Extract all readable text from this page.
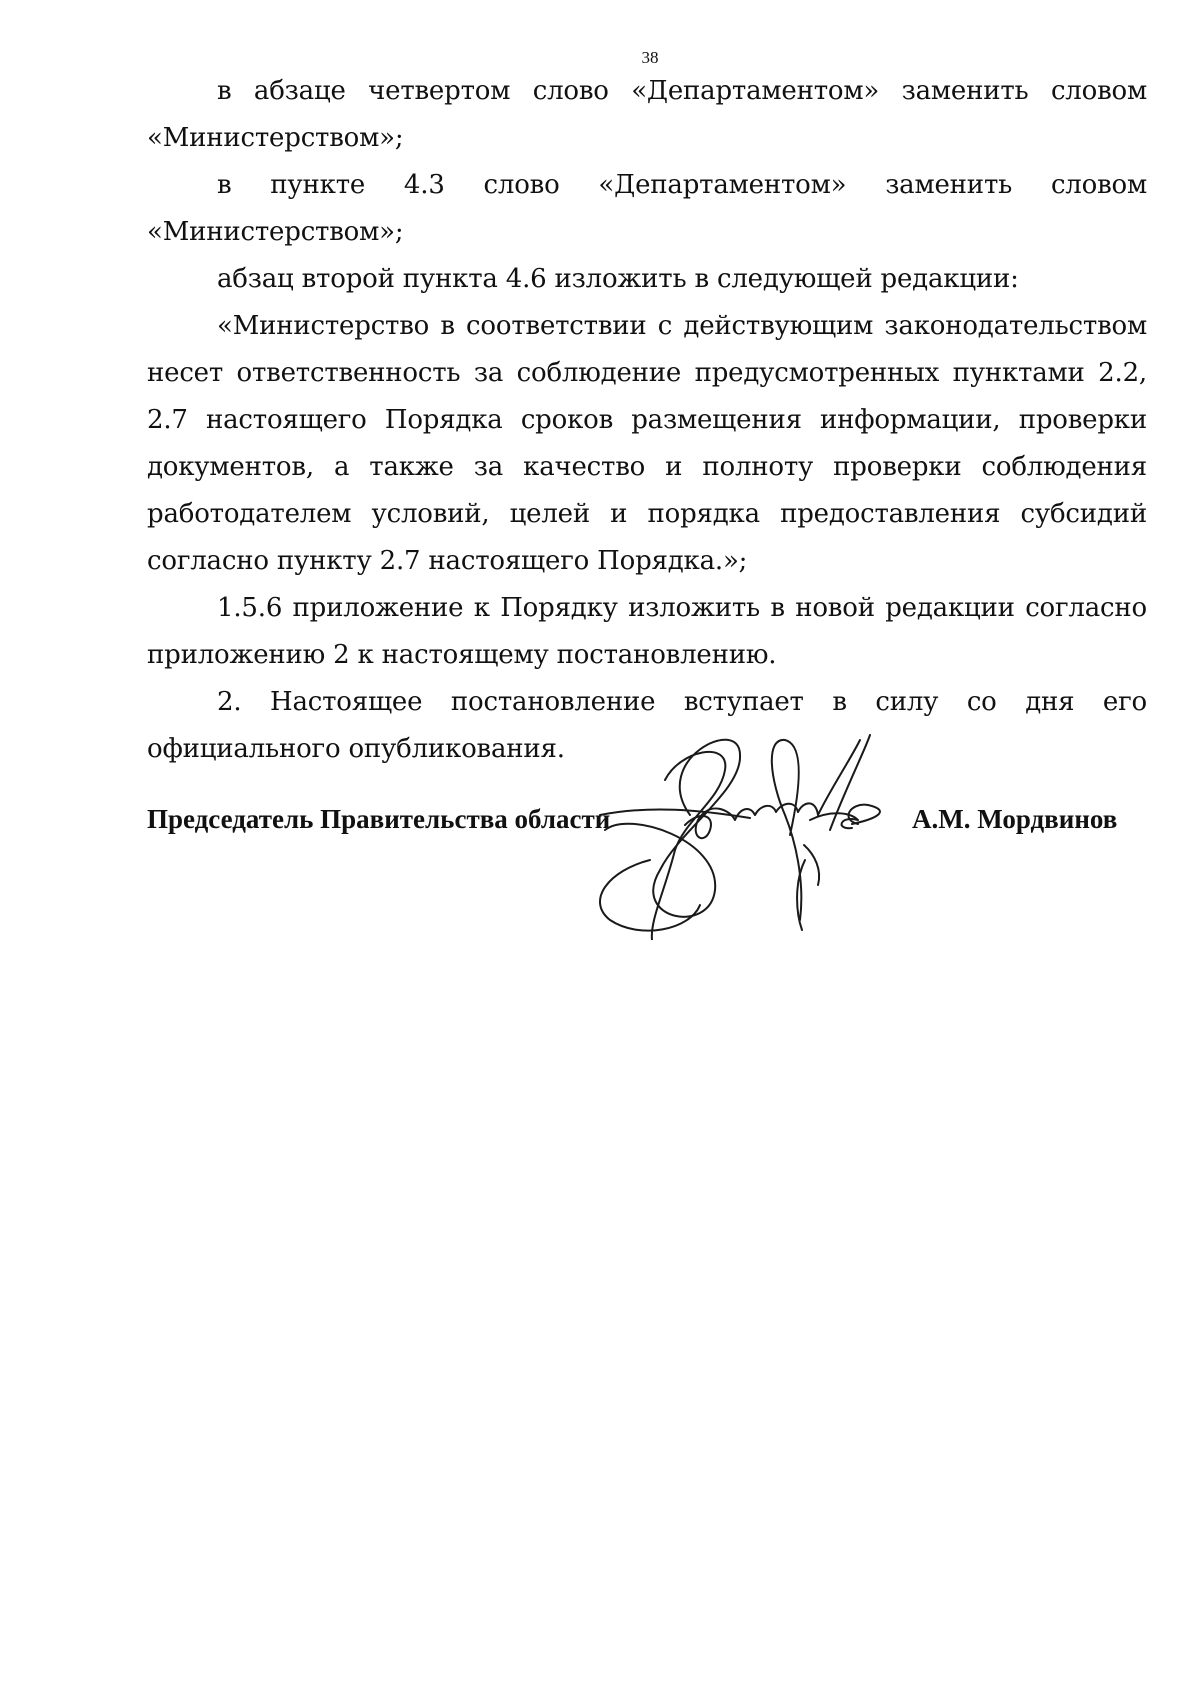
38

в абзаце четвертом слово «Департаментом» заменить словом «Министерством»;

в пункте 4.3 слово «Департаментом» заменить словом «Министерством»;

абзац второй пункта 4.6 изложить в следующей редакции:

«Министерство в соответствии с действующим законодательством несет ответственность за соблюдение предусмотренных пунктами 2.2, 2.7 настоящего Порядка сроков размещения информации, проверки документов, а также за качество и полноту проверки соблюдения работодателем условий, целей и порядка предоставления субсидий согласно пункту 2.7 настоящего Порядка.»;

1.5.6 приложение к Порядку изложить в новой редакции согласно приложению 2 к настоящему постановлению.

2. Настоящее постановление вступает в силу со дня его официального опубликования.

Председатель Правительства области	А.М. Мордвинов
